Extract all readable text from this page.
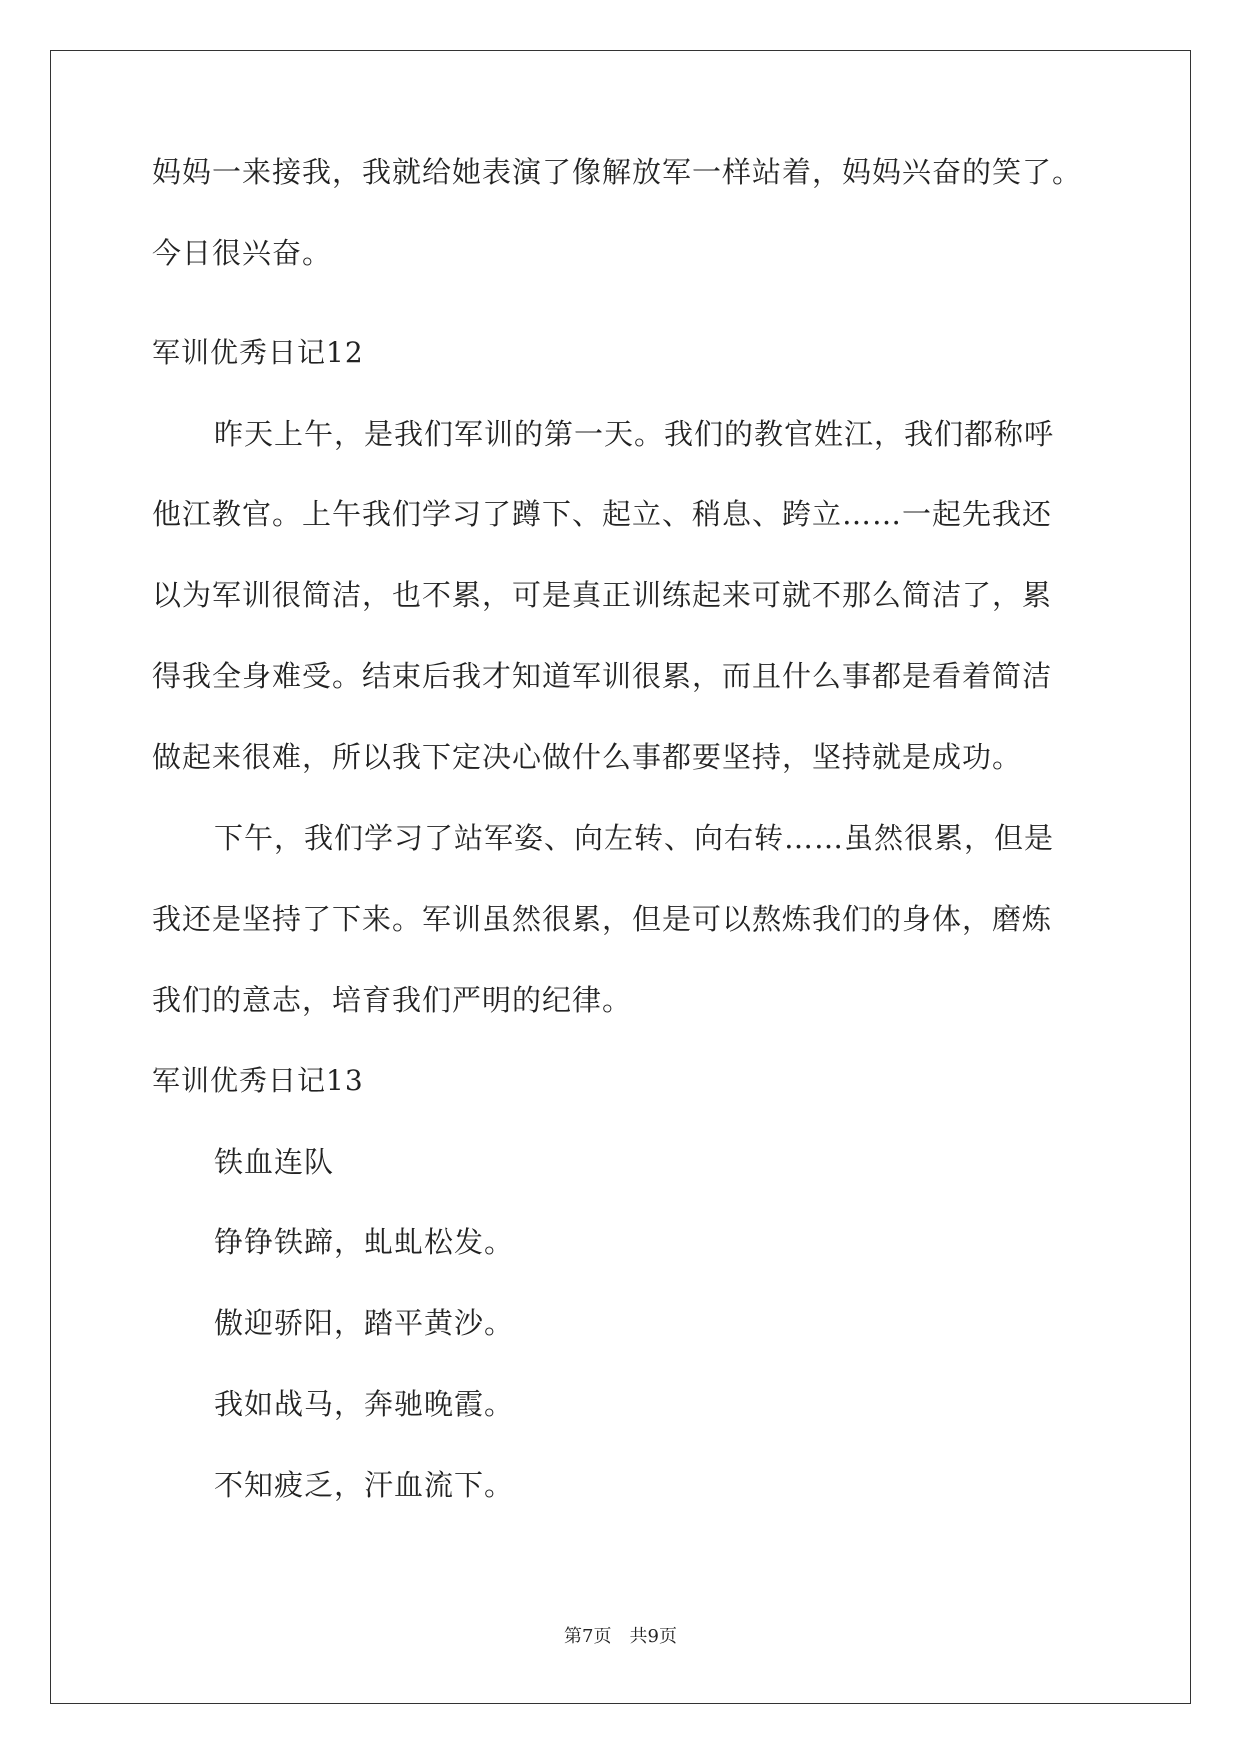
妈妈一来接我，我就给她表演了像解放军一样站着，妈妈兴奋的笑了。
今日很兴奋。
军训优秀日记12
昨天上午，是我们军训的第一天。我们的教官姓江，我们都称呼
他江教官。上午我们学习了蹲下、起立、稍息、跨立……一起先我还
以为军训很简洁，也不累，可是真正训练起来可就不那么简洁了，累
得我全身难受。结束后我才知道军训很累，而且什么事都是看着简洁
做起来很难，所以我下定决心做什么事都要坚持，坚持就是成功。
下午，我们学习了站军姿、向左转、向右转……虽然很累，但是
我还是坚持了下来。军训虽然很累，但是可以熬炼我们的身体，磨炼
我们的意志，培育我们严明的纪律。
军训优秀日记13
铁血连队
铮铮铁蹄，虬虬松发。
傲迎骄阳，踏平黄沙。
我如战马，奔驰晚霞。
不知疲乏，汗血流下。
第7页　共9页
